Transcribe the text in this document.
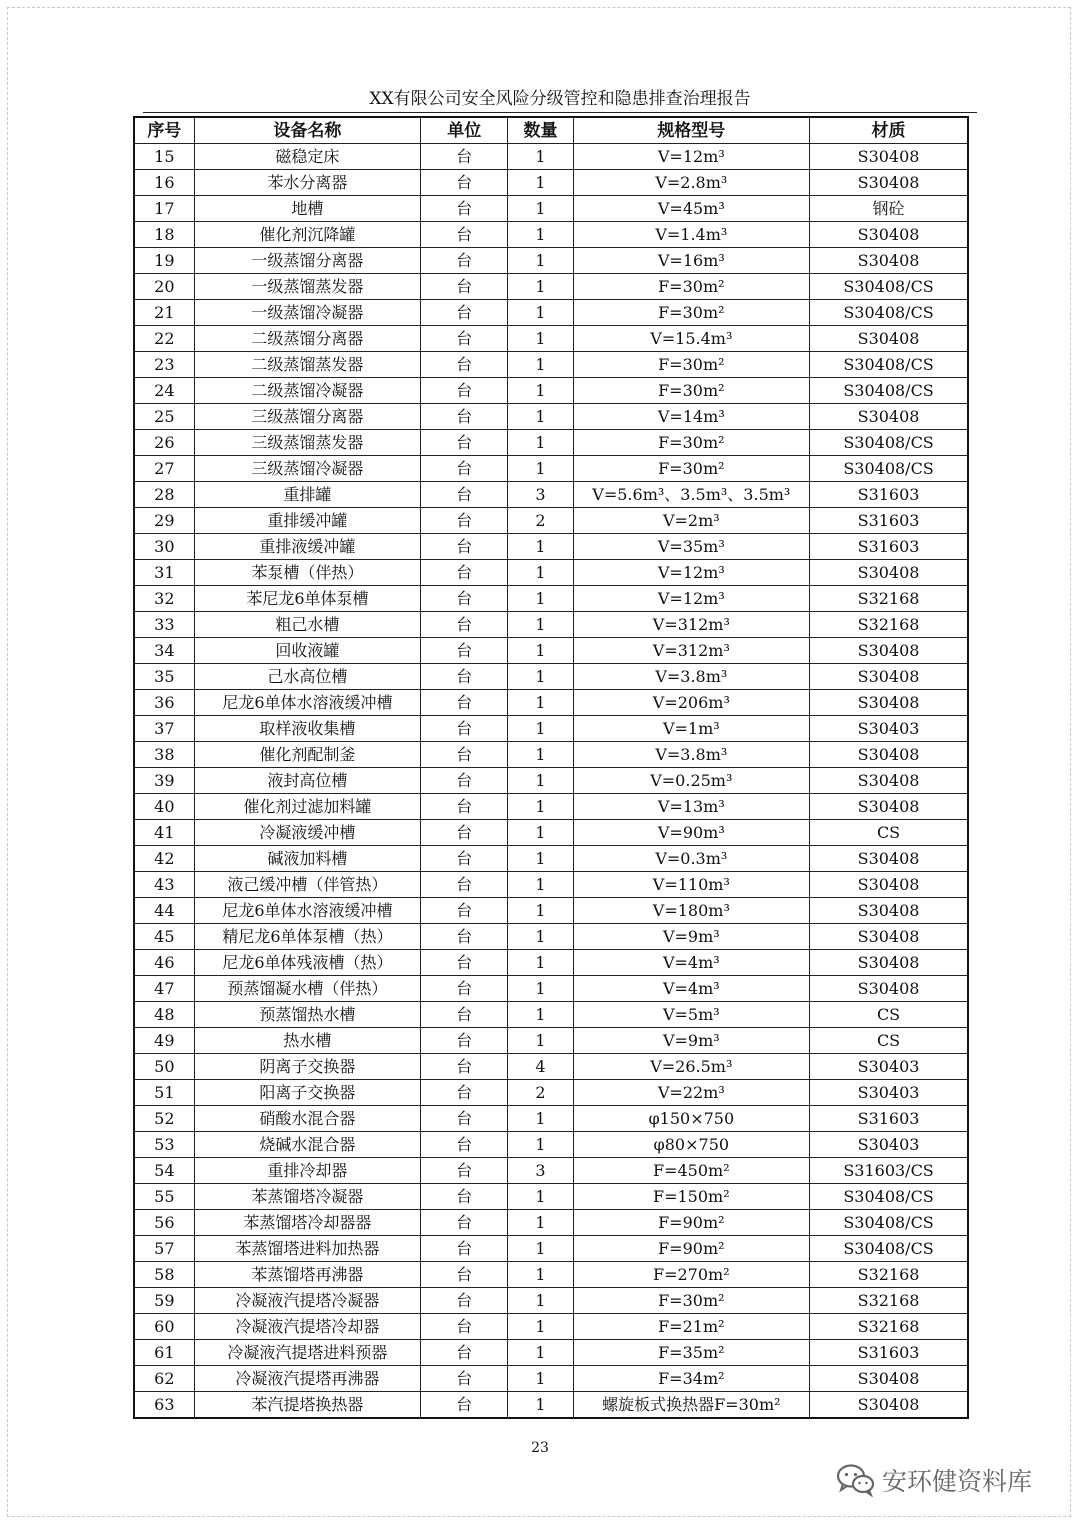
XX有限公司安全风险分级管控和隐患排查治理报告
序号	设备名称	单位	数量	规格型号	材质
15	磁稳定床	台	1	V=12m³	S30408
16	苯水分离器	台	1	V=2.8m³	S30408
17	地槽	台	1	V=45m³	钢砼
18	催化剂沉降罐	台	1	V=1.4m³	S30408
19	一级蒸馏分离器	台	1	V=16m³	S30408
20	一级蒸馏蒸发器	台	1	F=30m²	S30408/CS
21	一级蒸馏冷凝器	台	1	F=30m²	S30408/CS
22	二级蒸馏分离器	台	1	V=15.4m³	S30408
23	二级蒸馏蒸发器	台	1	F=30m²	S30408/CS
24	二级蒸馏冷凝器	台	1	F=30m²	S30408/CS
25	三级蒸馏分离器	台	1	V=14m³	S30408
26	三级蒸馏蒸发器	台	1	F=30m²	S30408/CS
27	三级蒸馏冷凝器	台	1	F=30m²	S30408/CS
28	重排罐	台	3	V=5.6m³、3.5m³、3.5m³	S31603
29	重排缓冲罐	台	2	V=2m³	S31603
30	重排液缓冲罐	台	1	V=35m³	S31603
31	苯泵槽（伴热）	台	1	V=12m³	S30408
32	苯尼龙6单体泵槽	台	1	V=12m³	S32168
33	粗己水槽	台	1	V=312m³	S32168
34	回收液罐	台	1	V=312m³	S30408
35	己水高位槽	台	1	V=3.8m³	S30408
36	尼龙6单体水溶液缓冲槽	台	1	V=206m³	S30408
37	取样液收集槽	台	1	V=1m³	S30403
38	催化剂配制釜	台	1	V=3.8m³	S30408
39	液封高位槽	台	1	V=0.25m³	S30408
40	催化剂过滤加料罐	台	1	V=13m³	S30408
41	冷凝液缓冲槽	台	1	V=90m³	CS
42	碱液加料槽	台	1	V=0.3m³	S30408
43	液己缓冲槽（伴管热）	台	1	V=110m³	S30408
44	尼龙6单体水溶液缓冲槽	台	1	V=180m³	S30408
45	精尼龙6单体泵槽（热）	台	1	V=9m³	S30408
46	尼龙6单体残液槽（热）	台	1	V=4m³	S30408
47	预蒸馏凝水槽（伴热）	台	1	V=4m³	S30408
48	预蒸馏热水槽	台	1	V=5m³	CS
49	热水槽	台	1	V=9m³	CS
50	阴离子交换器	台	4	V=26.5m³	S30403
51	阳离子交换器	台	2	V=22m³	S30403
52	硝酸水混合器	台	1	φ150×750	S31603
53	烧碱水混合器	台	1	φ80×750	S30403
54	重排冷却器	台	3	F=450m²	S31603/CS
55	苯蒸馏塔冷凝器	台	1	F=150m²	S30408/CS
56	苯蒸馏塔冷却器器	台	1	F=90m²	S30408/CS
57	苯蒸馏塔进料加热器	台	1	F=90m²	S30408/CS
58	苯蒸馏塔再沸器	台	1	F=270m²	S32168
59	冷凝液汽提塔冷凝器	台	1	F=30m²	S32168
60	冷凝液汽提塔冷却器	台	1	F=21m²	S32168
61	冷凝液汽提塔进料预器	台	1	F=35m²	S31603
62	冷凝液汽提塔再沸器	台	1	F=34m²	S30408
63	苯汽提塔换热器	台	1	螺旋板式换热器F=30m²	S30408
23
安环健资料库
